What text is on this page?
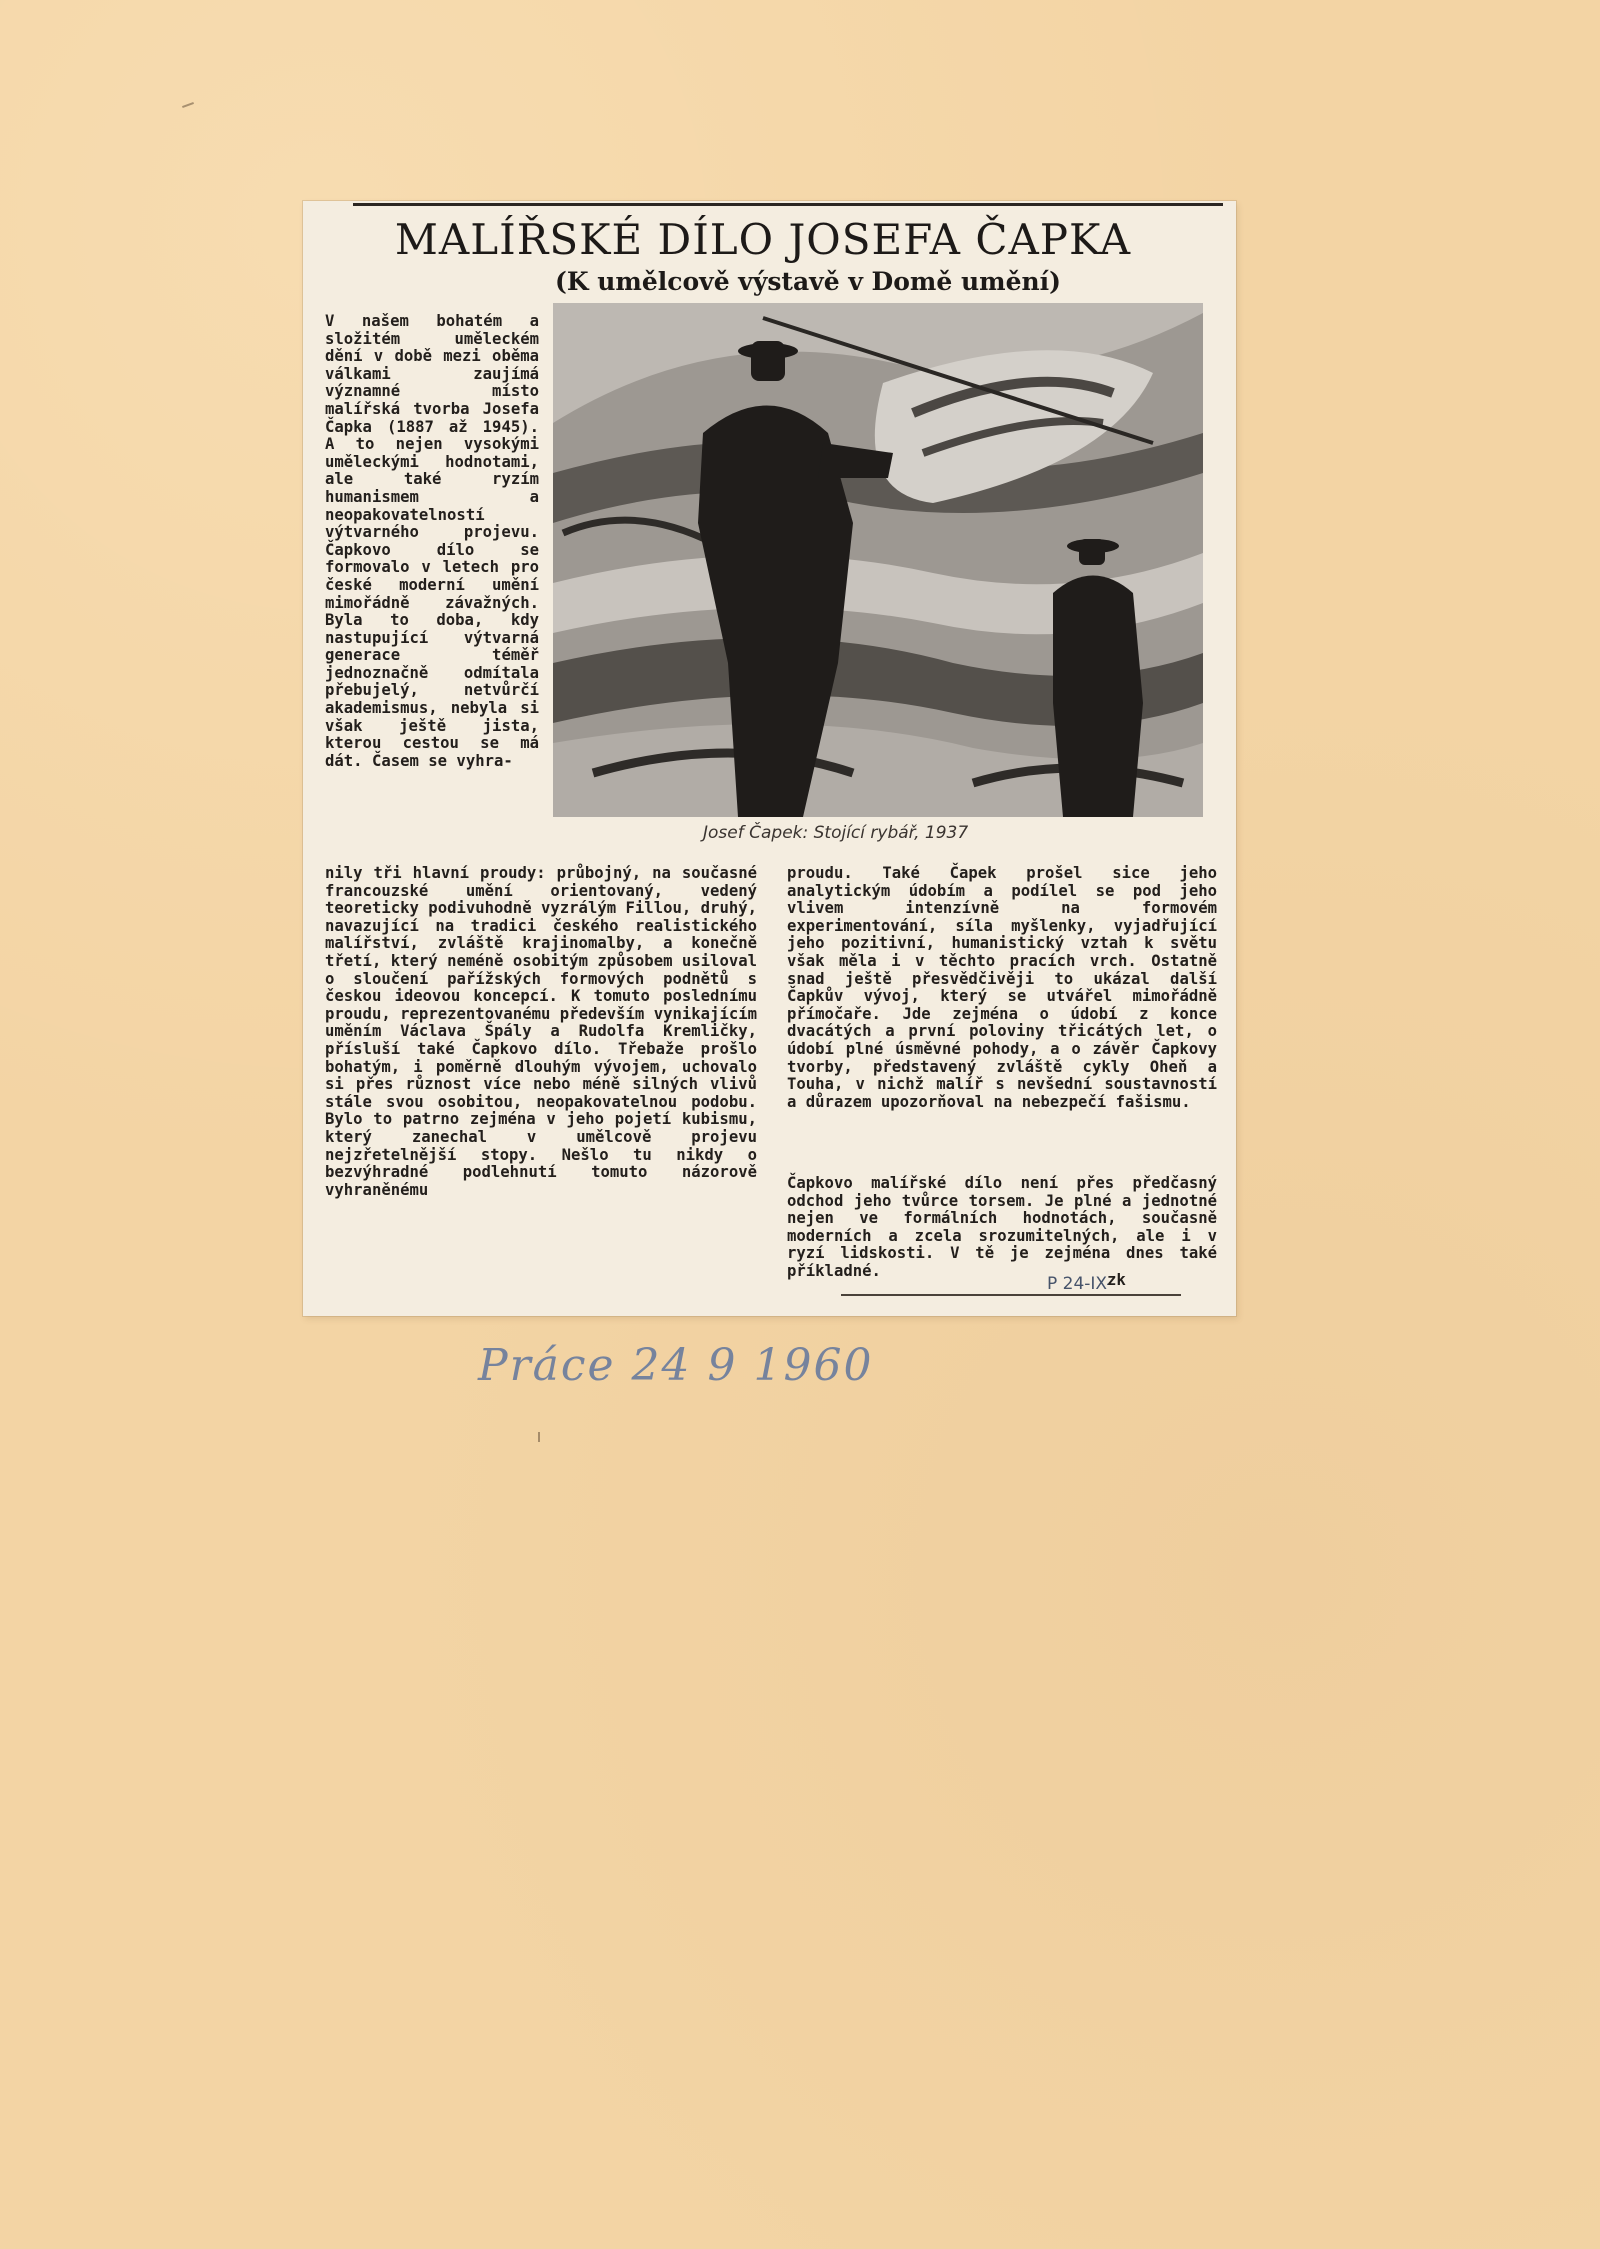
MALÍŘSKÉ DÍLO JOSEFA ČAPKA
(K umělcově výstavě v Domě umění)
V našem bohatém a složitém uměleckém dění v době mezi oběma válkami zaujímá významné místo malířská tvorba Josefa Čapka (1887 až 1945). A to nejen vysokými uměleckými hodnotami, ale také ryzím humanismem a neopakovatelností výtvarného projevu. Čapkovo dílo se formovalo v letech pro české moderní umění mimořádně závažných. Byla to doba, kdy nastupující výtvarná generace téměř jednoznačně odmítala přebujelý, netvůrčí akademismus, nebyla si však ještě jista, kterou cestou se má dát. Časem se vyhra-
Josef Čapek: Stojící rybář, 1937
nily tři hlavní proudy: průbojný, na současné francouzské umění orientovaný, vedený teoreticky podivuhodně vyzrálým Fillou, druhý, navazující na tradici českého realistického malířství, zvláště krajinomalby, a konečně třetí, který neméně osobitým způsobem usiloval o sloučení pařížských formových podnětů s českou ideovou koncepcí. K tomuto poslednímu proudu, reprezentovanému především vynikajícím uměním Václava Špály a Rudolfa Kremličky, přísluší také Čapkovo dílo. Třebaže prošlo bohatým, i poměrně dlouhým vývojem, uchovalo si přes různost více nebo méně silných vlivů stále svou osobitou, neopakovatelnou podobu. Bylo to patrno zejména v jeho pojetí kubismu, který zanechal v umělcově projevu nejzřetelnější stopy. Nešlo tu nikdy o bezvýhradné podlehnutí tomuto názorově vyhraněnému
proudu. Také Čapek prošel sice jeho analytickým údobím a podílel se pod jeho vlivem intenzívně na formovém experimentování, síla myšlenky, vyjadřující jeho pozitivní, humanistický vztah k světu však měla i v těchto pracích vrch. Ostatně snad ještě přesvědčivěji to ukázal další Čapkův vývoj, který se utvářel mimořádně přímočaře. Jde zejména o údobí z konce dvacátých a první poloviny třicátých let, o údobí plné úsměvné pohody, a o závěr Čapkovy tvorby, představený zvláště cykly Oheň a Touha, v nichž malíř s nevšední soustavností a důrazem upozorňoval na nebezpečí fašismu.
Čapkovo malířské dílo není přes předčasný odchod jeho tvůrce torsem. Je plné a jednotné nejen ve formálních hodnotách, současně moderních a zcela srozumitelných, ale i v ryzí lidskosti. V tě je zejména dnes také příkladné.
P 24-IX-
zk
Práce 24 9 1960
